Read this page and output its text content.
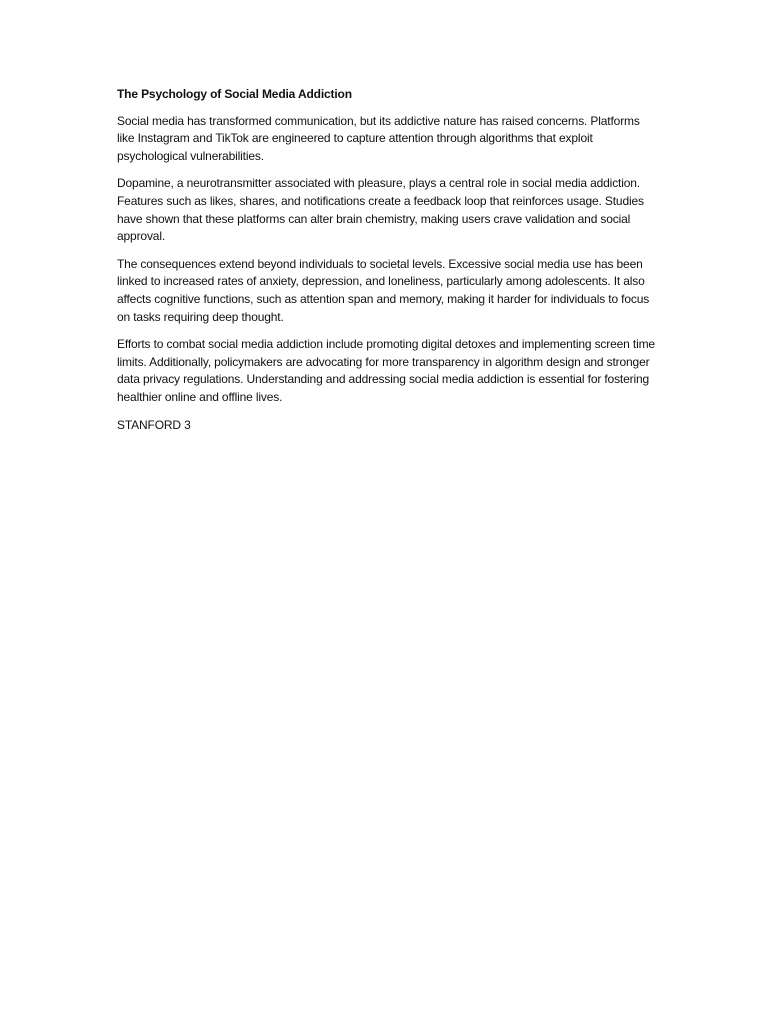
The Psychology of Social Media Addiction

Social media has transformed communication, but its addictive nature has raised concerns. Platforms like Instagram and TikTok are engineered to capture attention through algorithms that exploit psychological vulnerabilities.

Dopamine, a neurotransmitter associated with pleasure, plays a central role in social media addiction. Features such as likes, shares, and notifications create a feedback loop that reinforces usage. Studies have shown that these platforms can alter brain chemistry, making users crave validation and social approval.

The consequences extend beyond individuals to societal levels. Excessive social media use has been linked to increased rates of anxiety, depression, and loneliness, particularly among adolescents. It also affects cognitive functions, such as attention span and memory, making it harder for individuals to focus on tasks requiring deep thought.

Efforts to combat social media addiction include promoting digital detoxes and implementing screen time limits. Additionally, policymakers are advocating for more transparency in algorithm design and stronger data privacy regulations. Understanding and addressing social media addiction is essential for fostering healthier online and offline lives.

STANFORD 3
